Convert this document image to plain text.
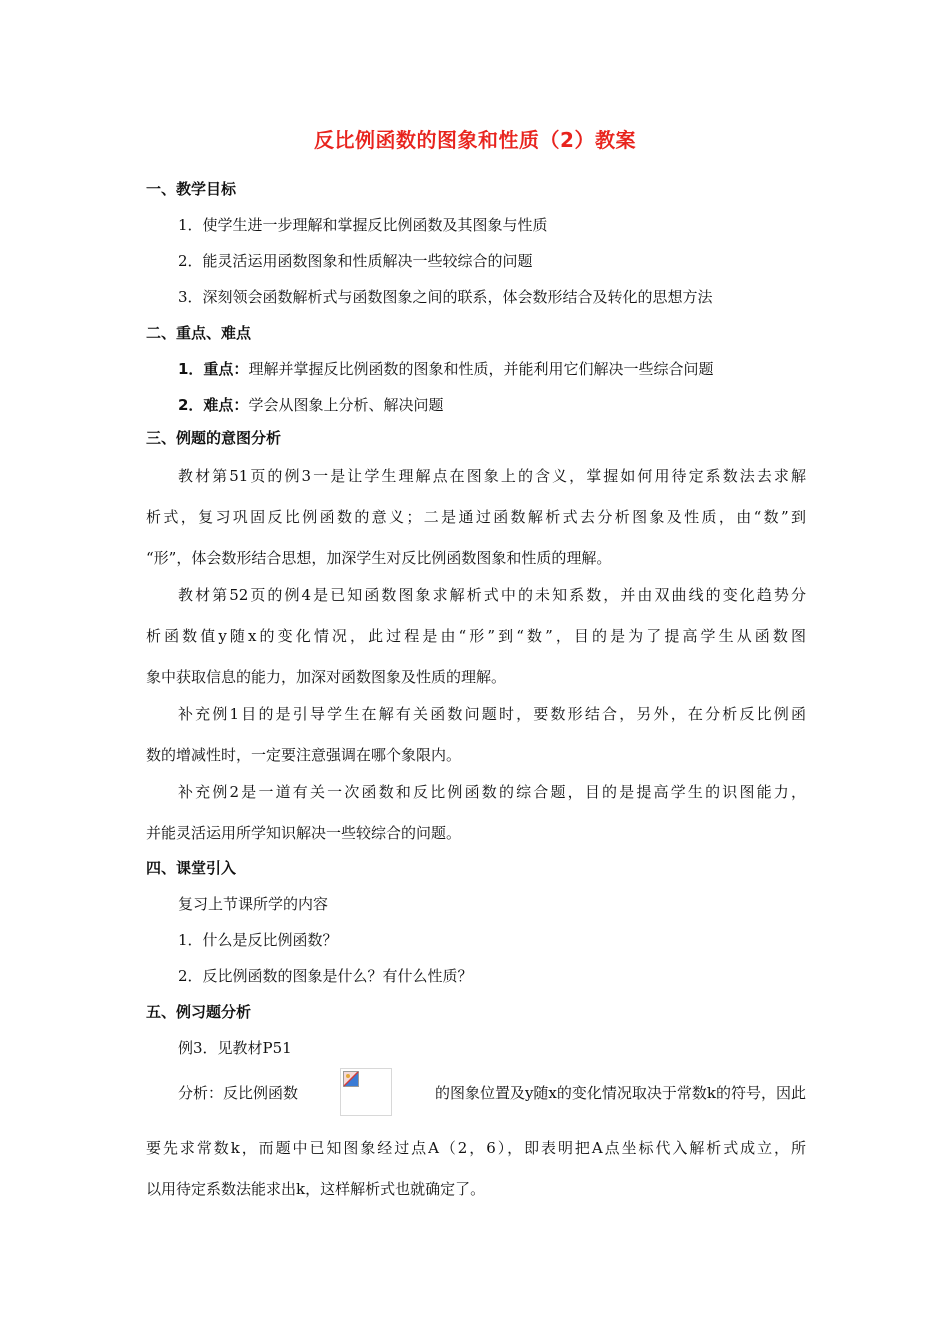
反比例函数的图象和性质（2）教案
一、教学目标
1．使学生进一步理解和掌握反比例函数及其图象与性质
2．能灵活运用函数图象和性质解决一些较综合的问题
3．深刻领会函数解析式与函数图象之间的联系，体会数形结合及转化的思想方法
二、重点、难点
1．重点：理解并掌握反比例函数的图象和性质，并能利用它们解决一些综合问题
2．难点：学会从图象上分析、解决问题
三、例题的意图分析
教材第51页的例3一是让学生理解点在图象上的含义，掌握如何用待定系数法去求解
析式，复习巩固反比例函数的意义；二是通过函数解析式去分析图象及性质，由“数”到
“形”，体会数形结合思想，加深学生对反比例函数图象和性质的理解。
教材第52页的例4是已知函数图象求解析式中的未知系数，并由双曲线的变化趋势分
析函数值y随x的变化情况，此过程是由“形”到“数”，目的是为了提高学生从函数图
象中获取信息的能力，加深对函数图象及性质的理解。
补充例1目的是引导学生在解有关函数问题时，要数形结合，另外，在分析反比例函
数的增减性时，一定要注意强调在哪个象限内。
补充例2是一道有关一次函数和反比例函数的综合题，目的是提高学生的识图能力，
并能灵活运用所学知识解决一些较综合的问题。
四、课堂引入
复习上节课所学的内容
1．什么是反比例函数？
2．反比例函数的图象是什么？有什么性质？
五、例习题分析
例3．见教材P51
分析：反比例函数	的图象位置及y随x的变化情况取决于常数k的符号，因此
要先求常数k，而题中已知图象经过点A（2，6），即表明把A点坐标代入解析式成立，所
以用待定系数法能求出k，这样解析式也就确定了。
